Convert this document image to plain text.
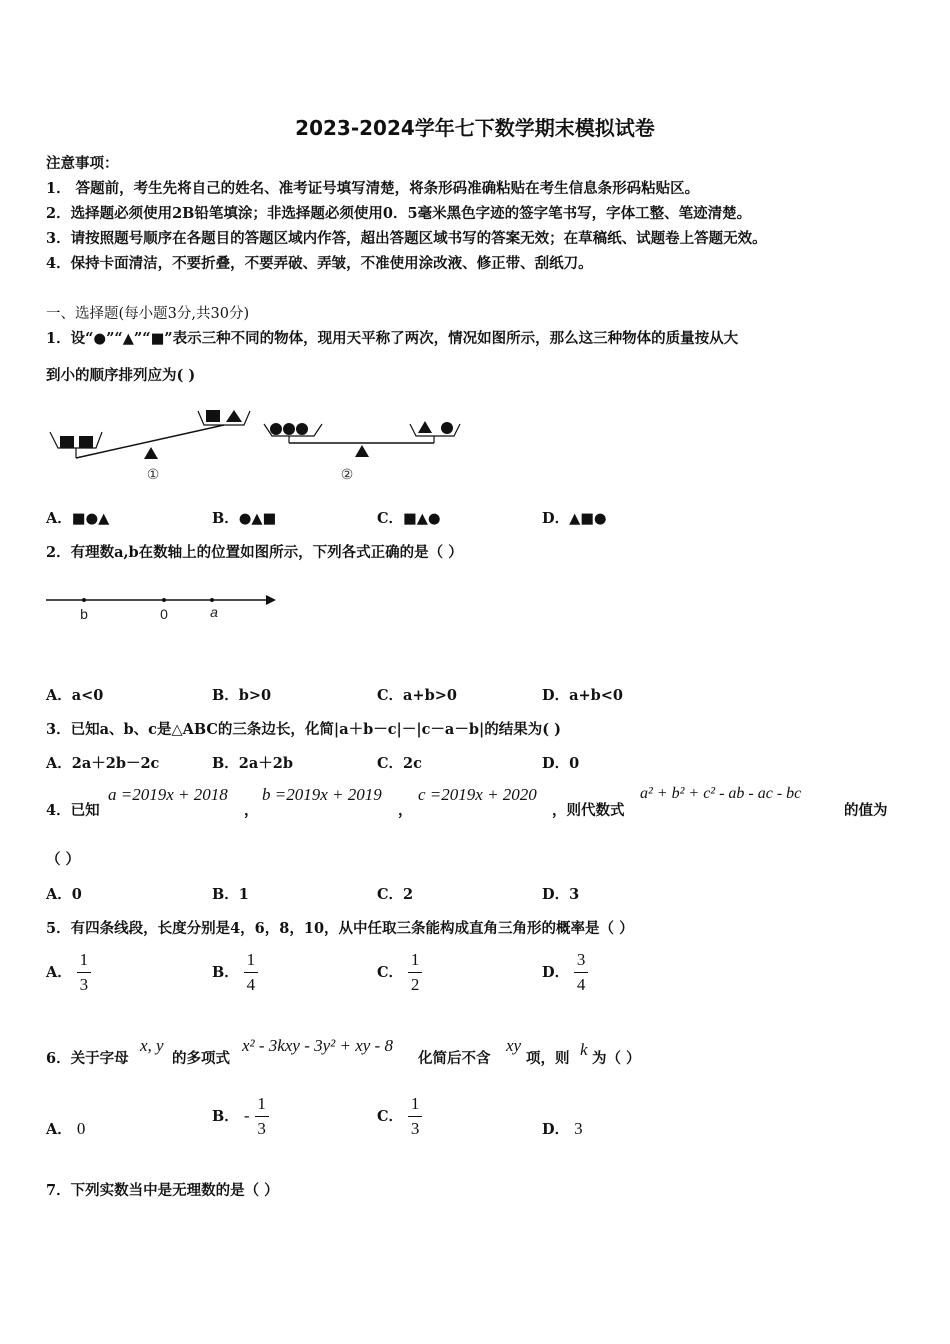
2023-2024学年七下数学期末模拟试卷
注意事项：
1． 答题前，考生先将自己的姓名、准考证号填写清楚，将条形码准确粘贴在考生信息条形码粘贴区。
2．选择题必须使用2B铅笔填涂；非选择题必须使用0．5毫米黑色字迹的签字笔书写，字体工整、笔迹清楚。
3．请按照题号顺序在各题目的答题区域内作答，超出答题区域书写的答案无效；在草稿纸、试题卷上答题无效。
4．保持卡面清洁，不要折叠，不要弄破、弄皱，不准使用涂改液、修正带、刮纸刀。
一、选择题(每小题3分,共30分)
1．设“●”“▲”“■”表示三种不同的物体，现用天平称了两次，情况如图所示，那么这三种物体的质量按从大
到小的顺序排列应为( )
①	②
A．■●▲	B．●▲■	C．■▲●	D．▲■●
2．有理数a,b在数轴上的位置如图所示，下列各式正确的是（ ）
b	0	a
A．a<0	B．b>0	C．a+b>0	D．a+b<0
3．已知a、b、c是△ABC的三条边长，化简|a＋b－c|－|c－a－b|的结果为( )
A．2a＋2b－2c	B．2a＋2b	C．2c	D．0
4．已知
a =2019x + 2018
，
b =2019x + 2019
，
c =2019x + 2020
，则代数式
a² + b² + c² - ab - ac - bc
的值为
（ ）
A．0	B．1	C．2	D．3
5．有四条线段，长度分别是4，6，8，10，从中任取三条能构成直角三角形的概率是（ ）
A． $\frac{1}{3}$	B． $\frac{1}{4}$	C． $\frac{1}{2}$	D． $\frac{3}{4}$
6．关于字母
x, y
的多项式
x² - 3kxy - 3y² + xy - 8
化简后不含
xy
项，则 k 为（ ）
A． 0
B． - $\frac{1}{3}$	C． $\frac{1}{3}$	D． 3
7．下列实数当中是无理数的是（ ）
